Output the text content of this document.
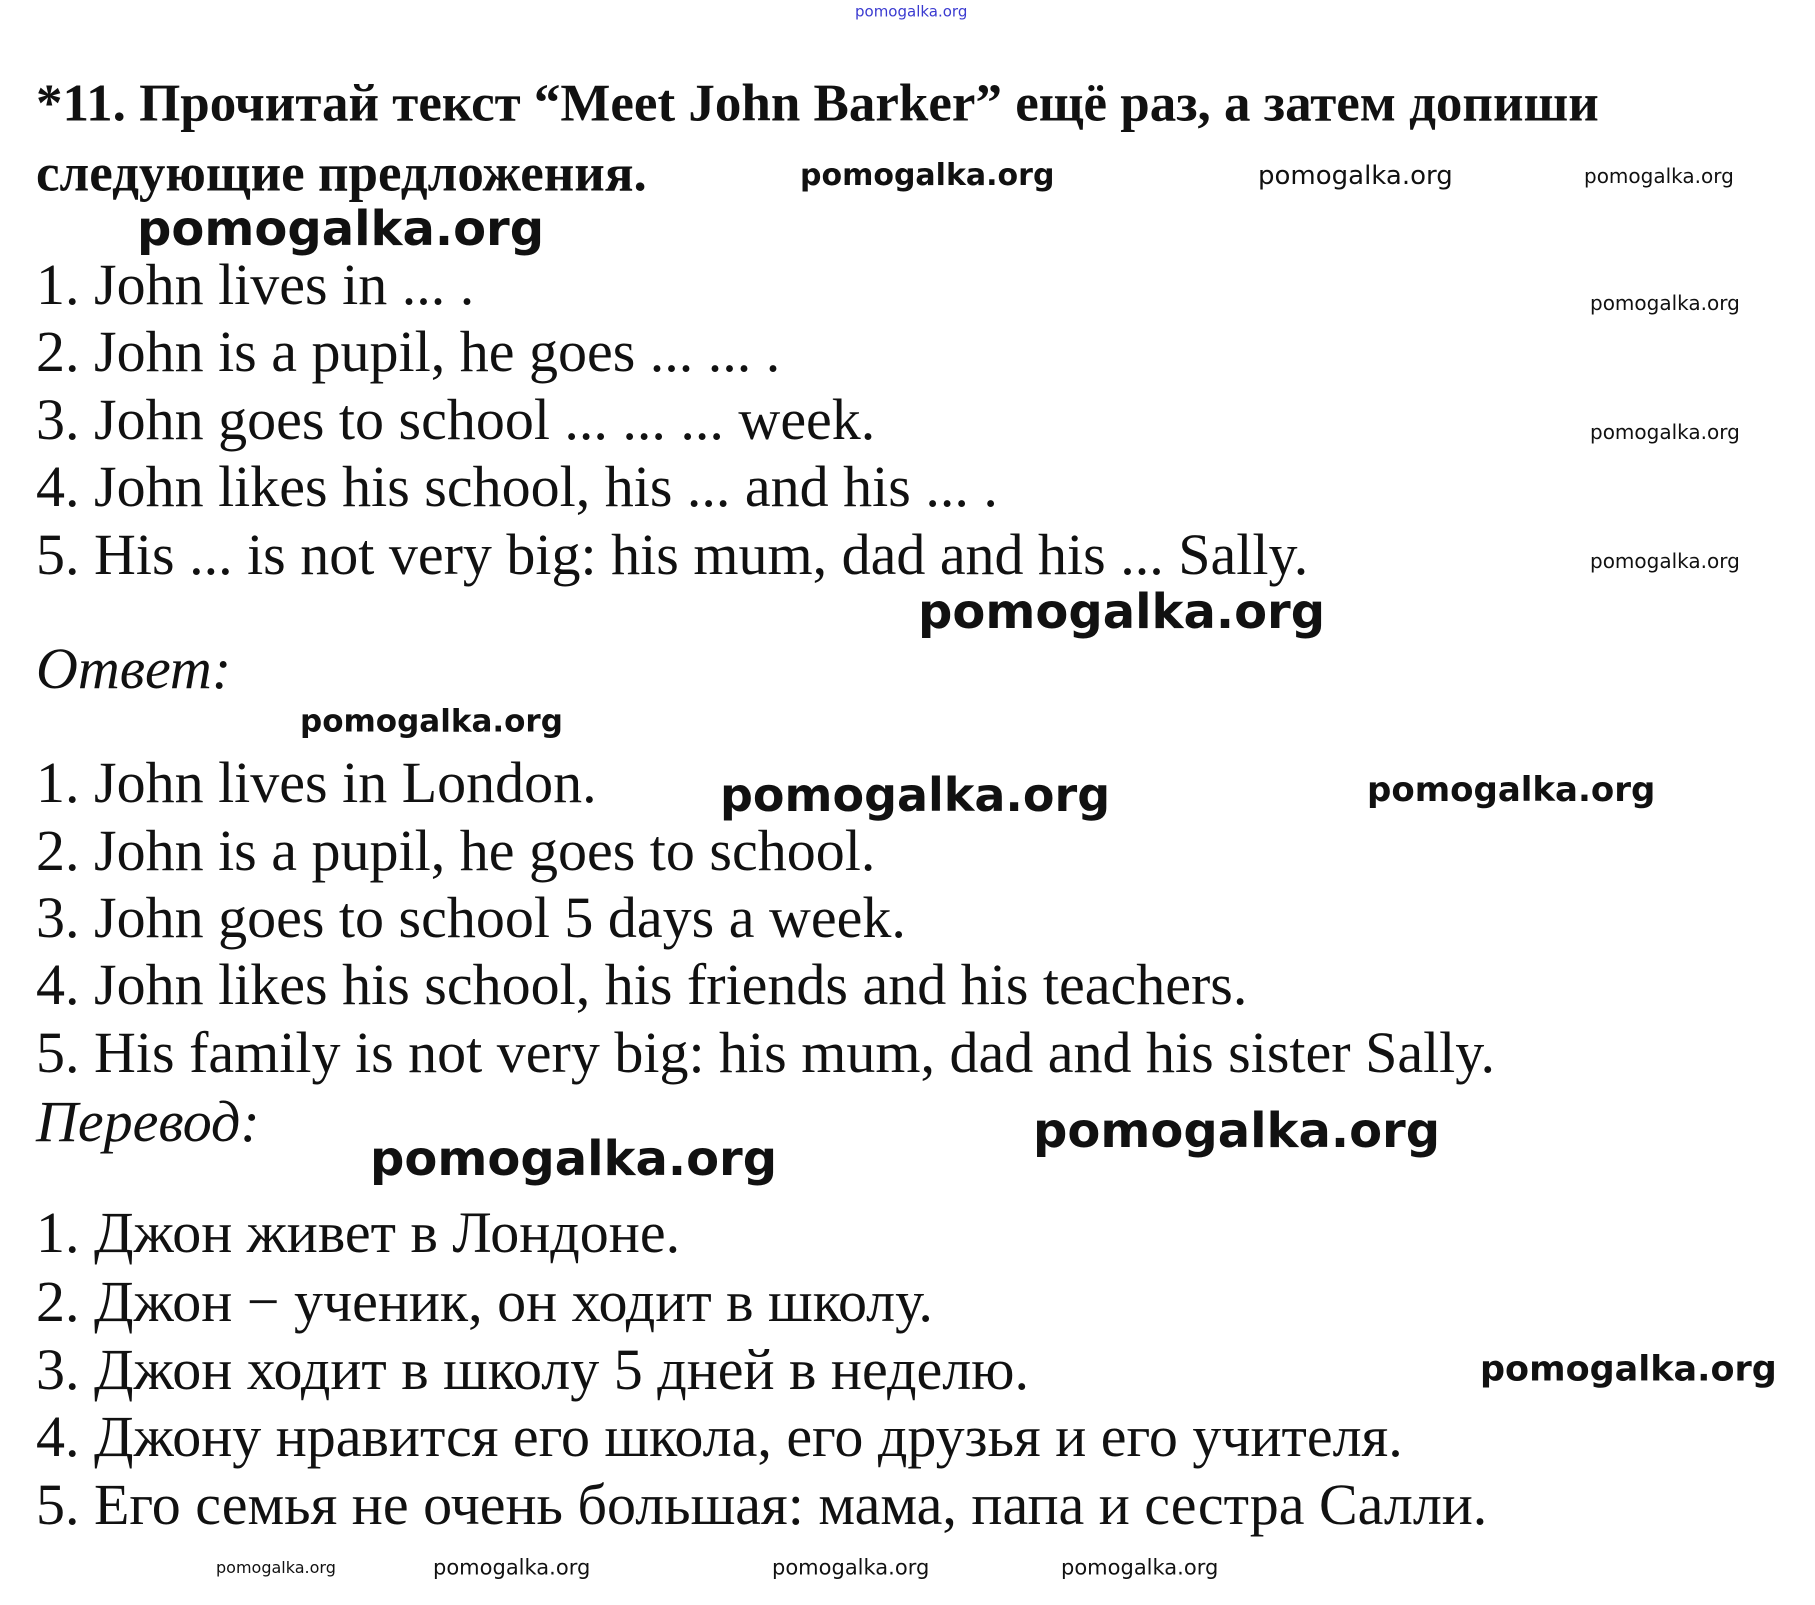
*11. Прочитай текст “Meet John Barker” ещё раз, а затем допиши
следующие предложения.
1. John lives in ... .
2. John is a pupil, he goes ... ... .
3. John goes to school ... ... ... week.
4. John likes his school, his ... and his ... .
5. His ... is not very big: his mum, dad and his ... Sally.
Ответ:
1. John lives in London.
2. John is a pupil, he goes to school.
3. John goes to school 5 days a week.
4. John likes his school, his friends and his teachers.
5. His family is not very big: his mum, dad and his sister Sally.
Перевод:
1. Джон живет в Лондоне.
2. Джон − ученик, он ходит в школу.
3. Джон ходит в школу 5 дней в неделю.
4. Джону нравится его школа, его друзья и его учителя.
5. Его семья не очень большая: мама, папа и сестра Салли.
pomogalka.org
pomogalka.org	pomogalka.org	pomogalka.org
pomogalka.org
pomogalka.org
pomogalka.org
pomogalka.org
pomogalka.org
pomogalka.org
pomogalka.org	pomogalka.org
pomogalka.org
pomogalka.org
pomogalka.org
pomogalka.org	pomogalka.org	pomogalka.org	pomogalka.org
